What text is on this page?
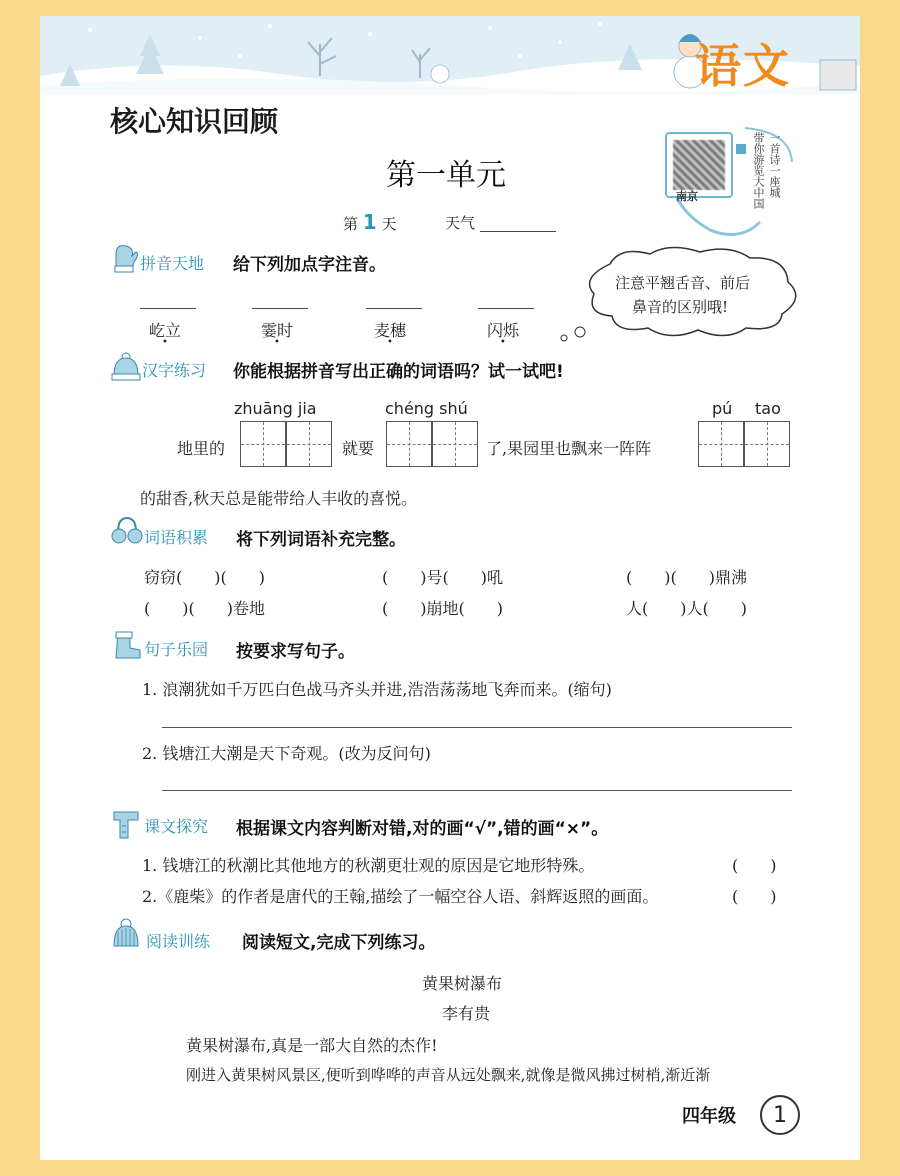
语文
核心知识回顾
第一单元
第 1 天	天气
南京	一首诗一座城
带你游览大中国
注意平翘舌音、前后
鼻音的区别哦!
拼音天地 给下列加点字注音。
屹立	霎时	麦穗	闪烁
汉字练习 你能根据拼音写出正确的词语吗？试一试吧!
zhuāng jia	chéng shú	pú tao
地里的	就要	了,果园里也飘来一阵阵
的甜香,秋天总是能带给人丰收的喜悦。
词语积累 将下列词语补充完整。
窃窃(　　)(　　)	(　　)号(　　)吼	(　　)(　　)鼎沸
(　　)(　　)卷地	(　　)崩地(　　)	人(　　)人(　　)
句子乐园 按要求写句子。
1. 浪潮犹如千万匹白色战马齐头并进,浩浩荡荡地飞奔而来。(缩句)
2. 钱塘江大潮是天下奇观。(改为反问句)
课文探究 根据课文内容判断对错,对的画“√”,错的画“×”。
1. 钱塘江的秋潮比其他地方的秋潮更壮观的原因是它地形特殊。	(　　)
2.《鹿柴》的作者是唐代的王翰,描绘了一幅空谷人语、斜辉返照的画面。	(　　)
阅读训练 阅读短文,完成下列练习。
黄果树瀑布
李有贵
黄果树瀑布,真是一部大自然的杰作!
刚进入黄果树风景区,便听到哗哗的声音从远处飘来,就像是微风拂过树梢,渐近渐
四年级	1
